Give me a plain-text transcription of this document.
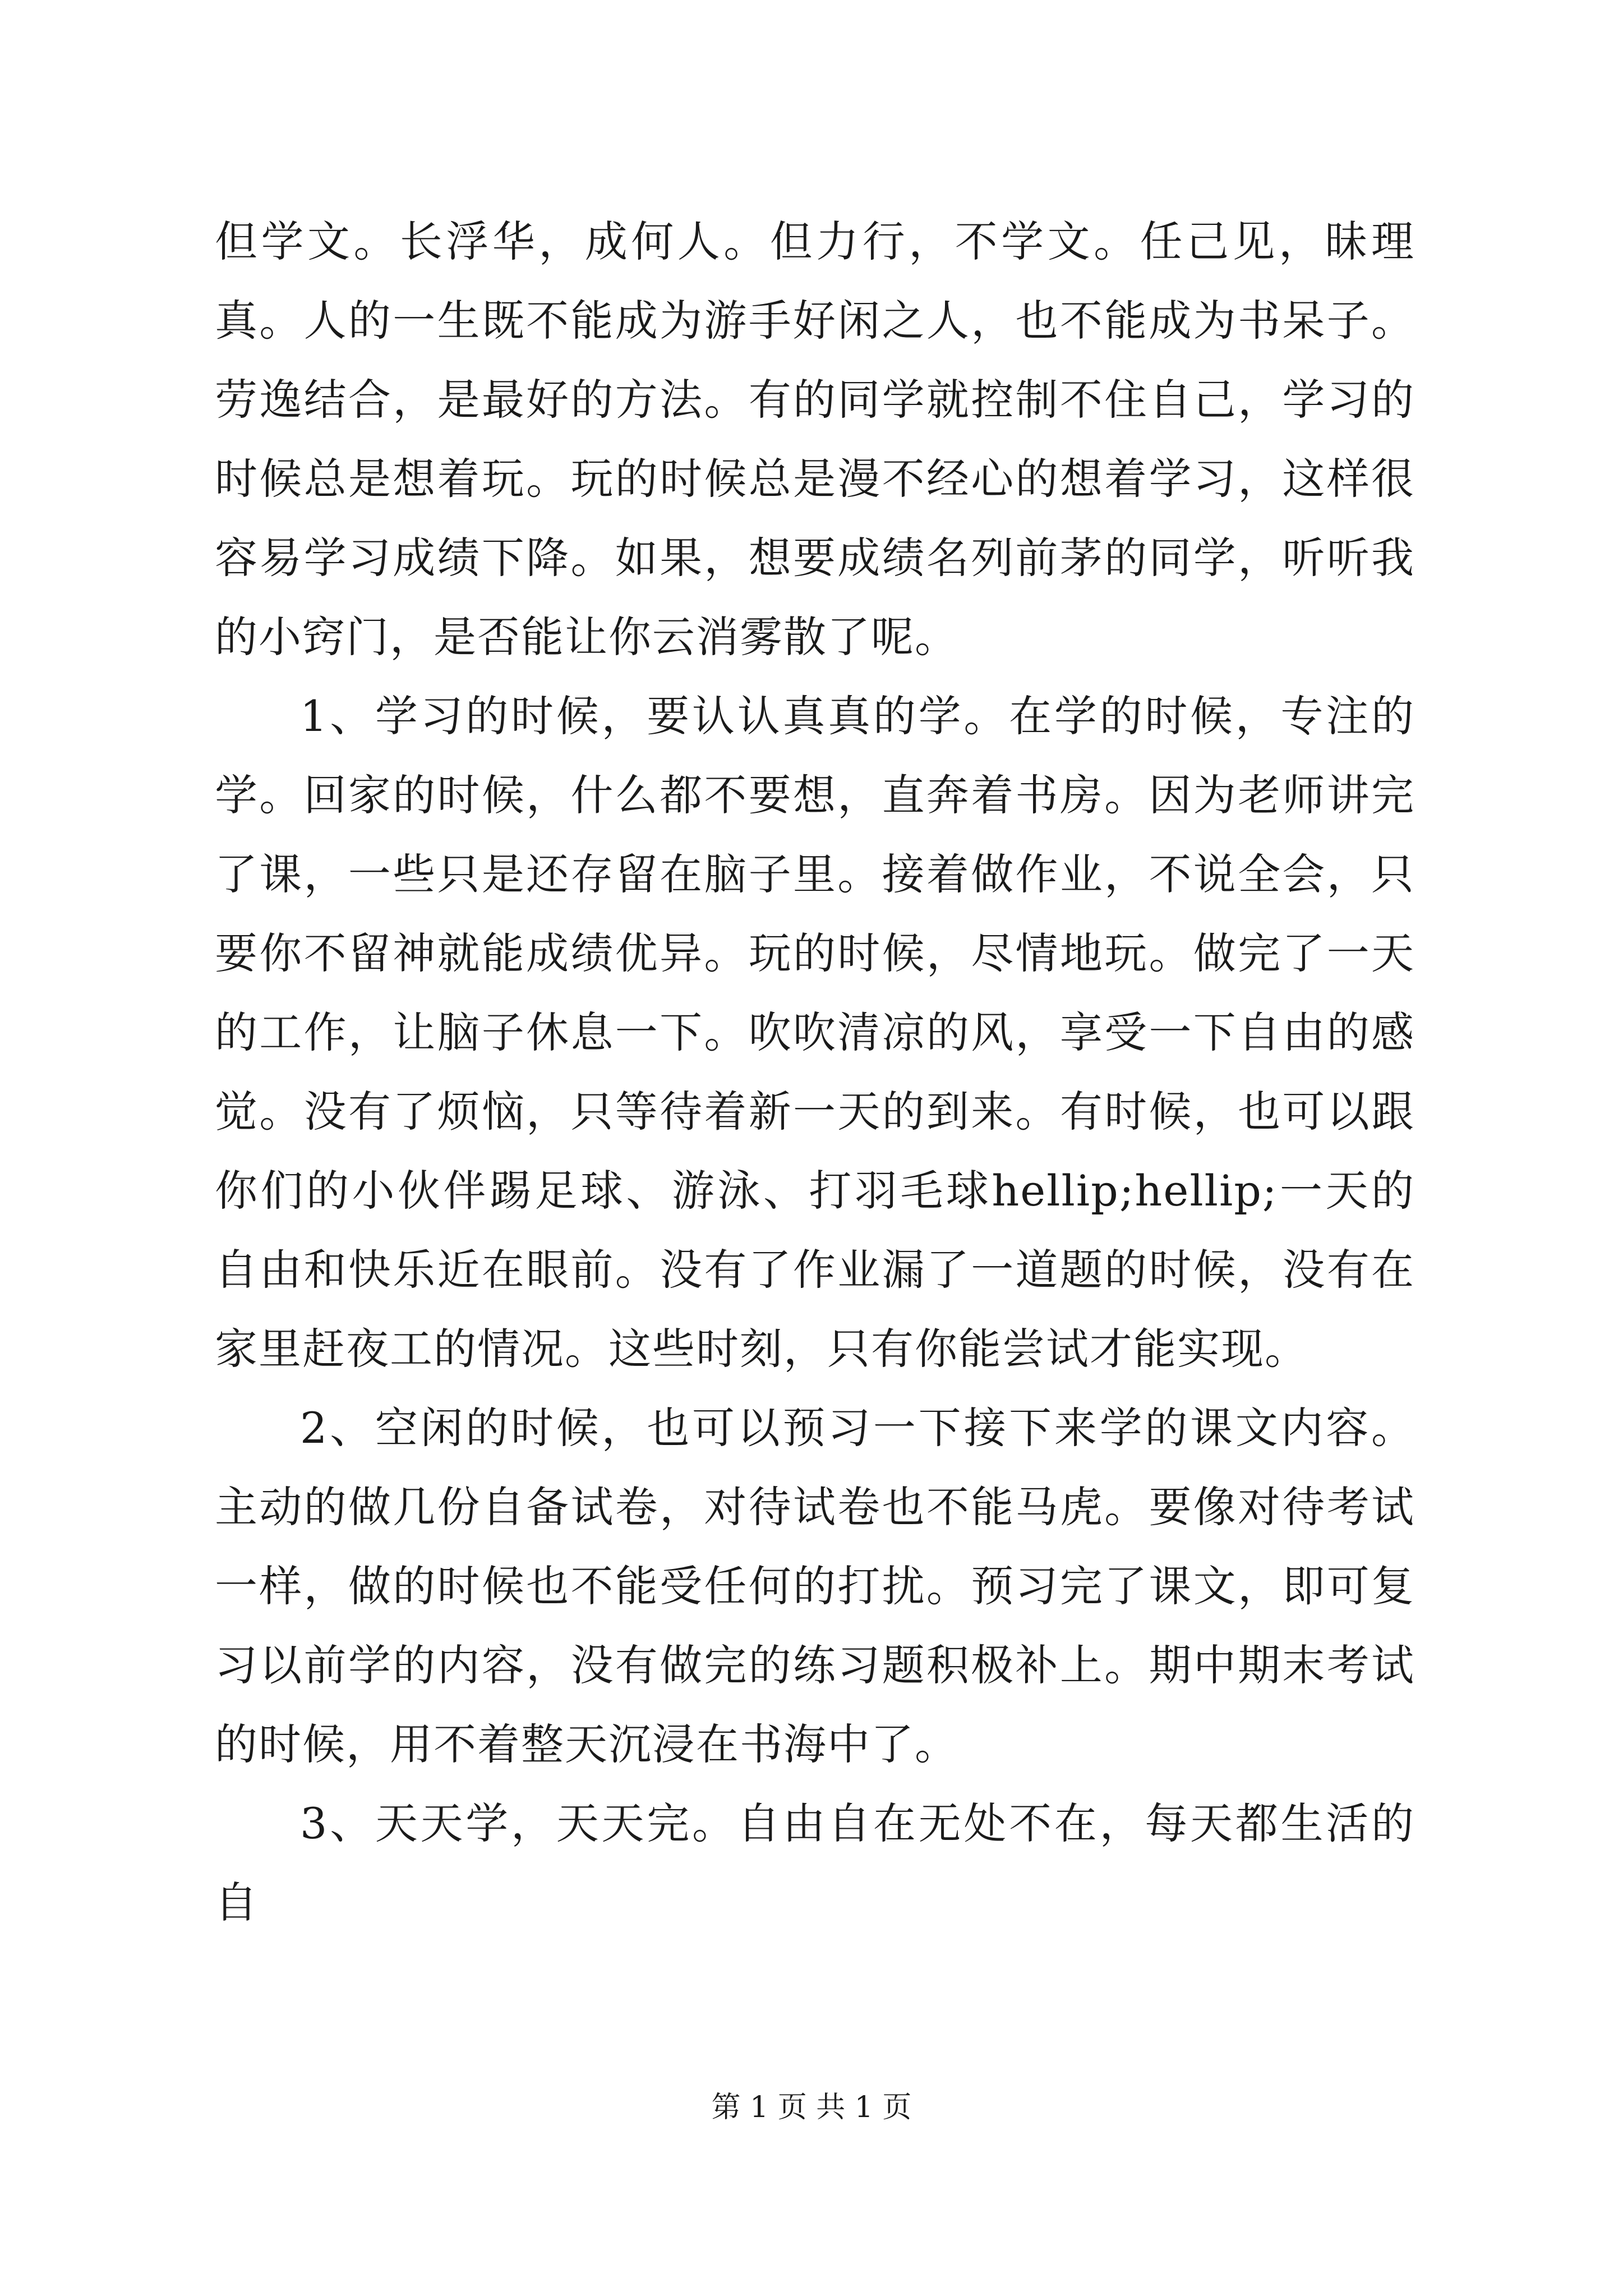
但学文。长浮华，成何人。但力行，不学文。任己见，昧理真。人的一生既不能成为游手好闲之人，也不能成为书呆子。劳逸结合，是最好的方法。有的同学就控制不住自己，学习的时候总是想着玩。玩的时候总是漫不经心的想着学习，这样很容易学习成绩下降。如果，想要成绩名列前茅的同学，听听我的小窍门，是否能让你云消雾散了呢。

1、学习的时候，要认认真真的学。在学的时候，专注的学。回家的时候，什么都不要想，直奔着书房。因为老师讲完了课，一些只是还存留在脑子里。接着做作业，不说全会，只要你不留神就能成绩优异。玩的时候，尽情地玩。做完了一天的工作，让脑子休息一下。吹吹清凉的风，享受一下自由的感觉。没有了烦恼，只等待着新一天的到来。有时候，也可以跟你们的小伙伴踢足球、游泳、打羽毛球hellip;hellip;一天的自由和快乐近在眼前。没有了作业漏了一道题的时候，没有在家里赶夜工的情况。这些时刻，只有你能尝试才能实现。

2、空闲的时候，也可以预习一下接下来学的课文内容。主动的做几份自备试卷，对待试卷也不能马虎。要像对待考试一样，做的时候也不能受任何的打扰。预习完了课文，即可复习以前学的内容，没有做完的练习题积极补上。期中期末考试的时候，用不着整天沉浸在书海中了。

3、天天学，天天完。自由自在无处不在，每天都生活的自

第 1 页 共 1 页
